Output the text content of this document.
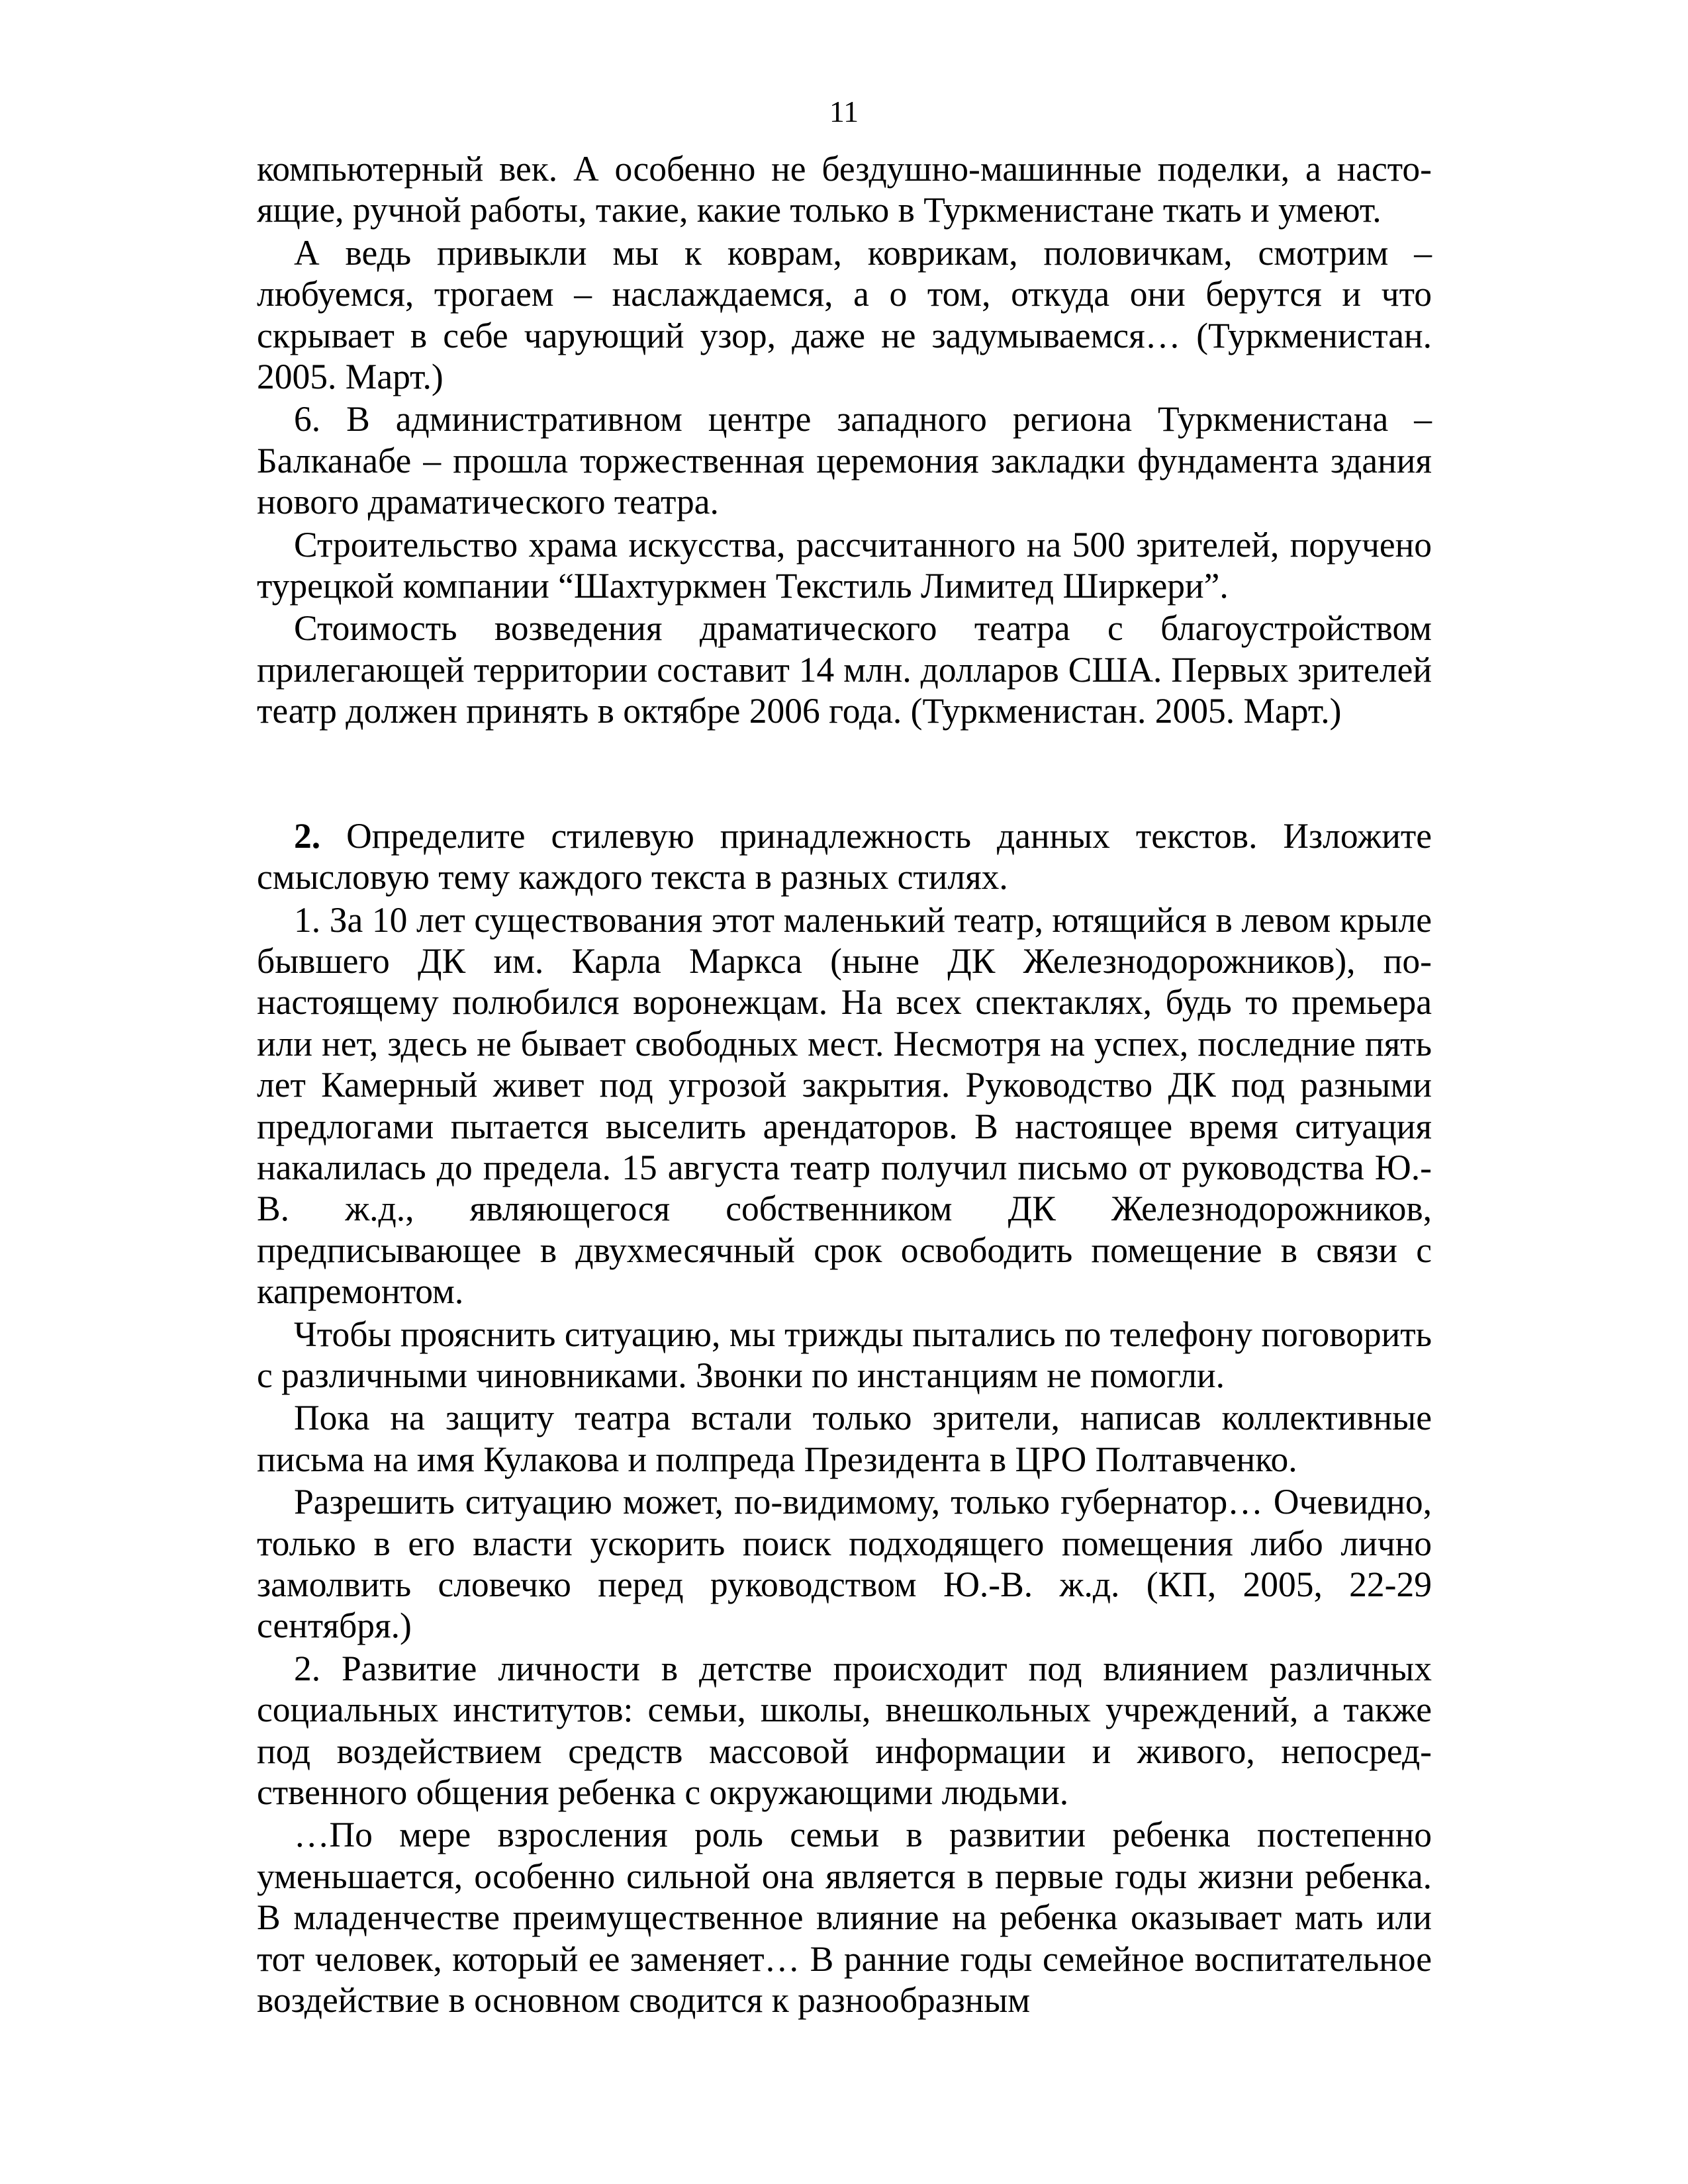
11

компьютерный век. А особенно не бездушно-машинные поделки, а настоящие, ручной работы, такие, какие только в Туркменистане ткать и умеют.

А ведь привыкли мы к коврам, коврикам, половичкам, смотрим – любуемся, трогаем – наслаждаемся, а о том, откуда они берутся и что скрывает в себе чарующий узор, даже не задумываемся… (Туркменистан. 2005. Март.)

6. В административном центре западного региона Туркменистана – Балканабе – прошла торжественная церемония закладки фундамента здания нового драматического театра.

Строительство храма искусства, рассчитанного на 500 зрителей, поручено турецкой компании “Шахтуркмен Текстиль Лимитед Ширкери”.

Стоимость возведения драматического театра с благоустройством прилегающей территории составит 14 млн. долларов США. Первых зрителей театр должен принять в октябре 2006 года. (Туркменистан. 2005. Март.)

2. Определите стилевую принадлежность данных текстов. Изложите смысловую тему каждого текста в разных стилях.

1. За 10 лет существования этот маленький театр, ютящийся в левом крыле бывшего ДК им. Карла Маркса (ныне ДК Железнодорожников), по-настоящему полюбился воронежцам. На всех спектаклях, будь то премьера или нет, здесь не бывает свободных мест. Несмотря на успех, последние пять лет Камерный живет под угрозой закрытия. Руководство ДК под разными предлогами пытается выселить арендаторов. В настоящее время ситуация накалилась до предела. 15 августа театр получил письмо от руководства Ю.-В. ж.д., являющегося собственником ДК Железнодорожников, предписывающее в двухмесячный срок освободить помещение в связи с капремонтом.

Чтобы прояснить ситуацию, мы трижды пытались по телефону поговорить с различными чиновниками. Звонки по инстанциям не помогли.

Пока на защиту театра встали только зрители, написав коллективные письма на имя Кулакова и полпреда Президента в ЦРО Полтавченко.

Разрешить ситуацию может, по-видимому, только губернатор… Очевидно, только в его власти ускорить поиск подходящего помещения либо лично замолвить словечко перед руководством Ю.-В. ж.д. (КП, 2005, 22-29 сентября.)

2. Развитие личности в детстве происходит под влиянием различных социальных институтов: семьи, школы, внешкольных учреждений, а также под воздействием средств массовой информации и живого, непосредственного общения ребенка с окружающими людьми.

…По мере взросления роль семьи в развитии ребенка постепенно уменьшается, особенно сильной она является в первые годы жизни ребенка. В младенчестве преимущественное влияние на ребенка оказывает мать или тот человек, который ее заменяет… В ранние годы семейное воспитательное воздействие в основном сводится к разнообразным
